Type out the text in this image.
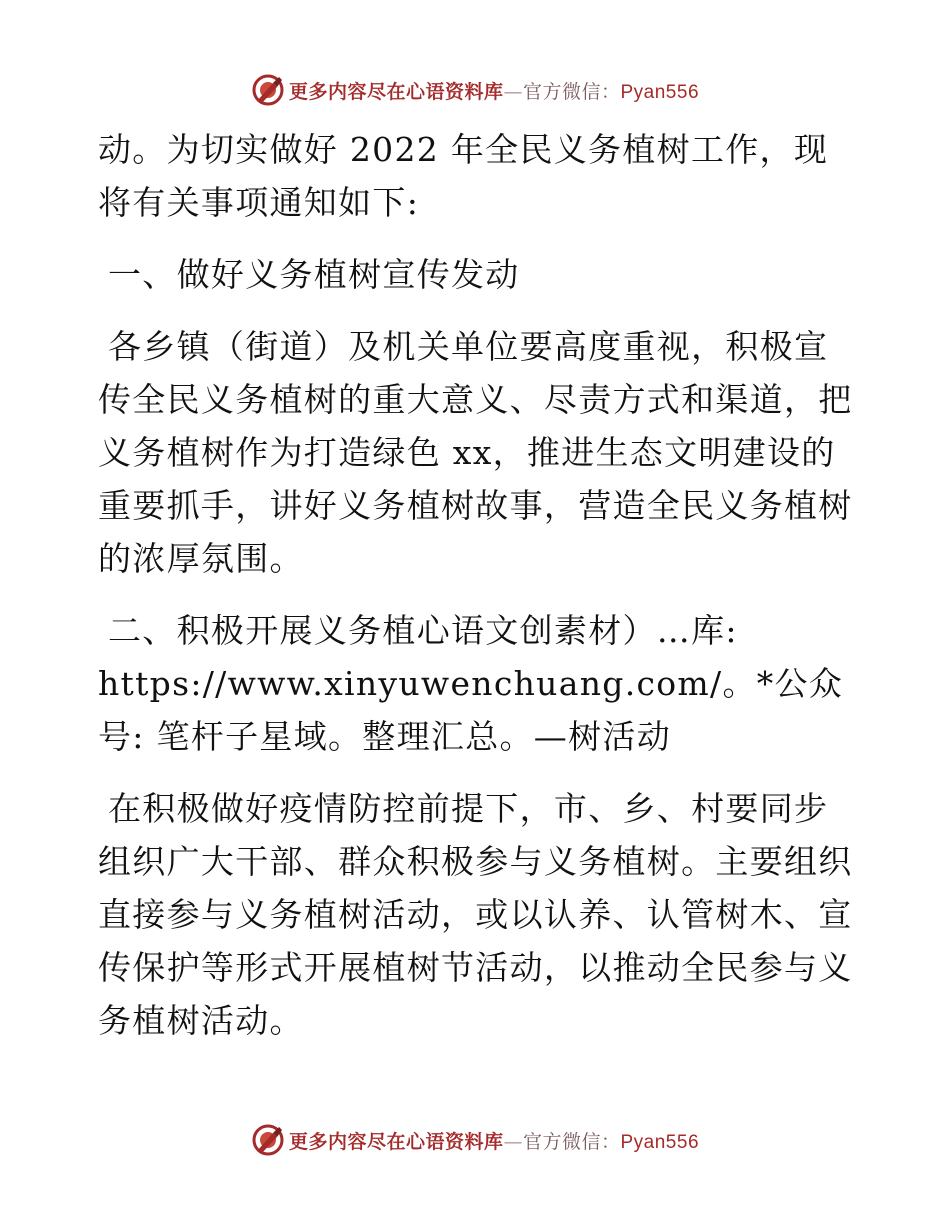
更多内容尽在心语资料库—官方微信：Pyan556

动。为切实做好 2022 年全民义务植树工作，现将有关事项通知如下:

一、做好义务植树宣传发动

各乡镇（街道）及机关单位要高度重视，积极宣传全民义务植树的重大意义、尽责方式和渠道，把义务植树作为打造绿色 xx，推进生态文明建设的重要抓手，讲好义务植树故事，营造全民义务植树的浓厚氛围。

二、积极开展义务植心语文创素材）…库:

https://www.xinyuwenchuang.com/。*公众号: 笔杆子星域。整理汇总。—树活动

在积极做好疫情防控前提下，市、乡、村要同步组织广大干部、群众积极参与义务植树。主要组织直接参与义务植树活动，或以认养、认管树木、宣传保护等形式开展植树节活动，以推动全民参与义务植树活动。

更多内容尽在心语资料库—官方微信：Pyan556
